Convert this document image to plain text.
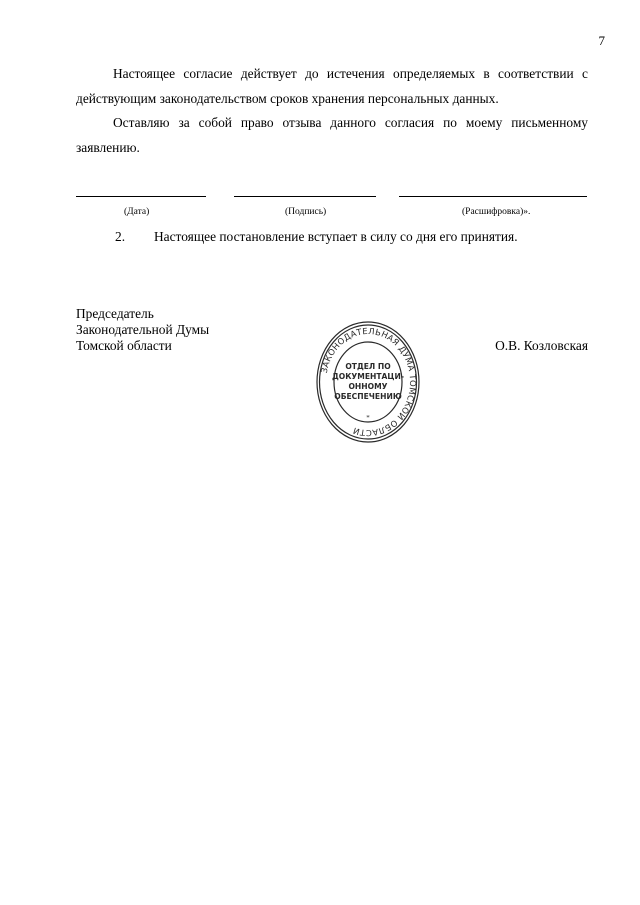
7

Настоящее согласие действует до истечения определяемых в соответствии с действующим законодательством сроков хранения персональных данных.

Оставляю за собой право отзыва данного согласия по моему письменному заявлению.

(Дата)	(Подпись)	(Расшифровка)».
2. Настоящее постановление вступает в силу со дня его принятия.
Председатель
Законодательной Думы
Томской области	О.В. Козловская
ЗАКОНОДАТЕЛЬНАЯ ДУМА ТОМСКОЙ ОБЛАСТИ
ОТДЕЛ ПО
ДОКУМЕНТАЦИ-
ОННОМУ
ОБЕСПЕЧЕНИЮ
*
